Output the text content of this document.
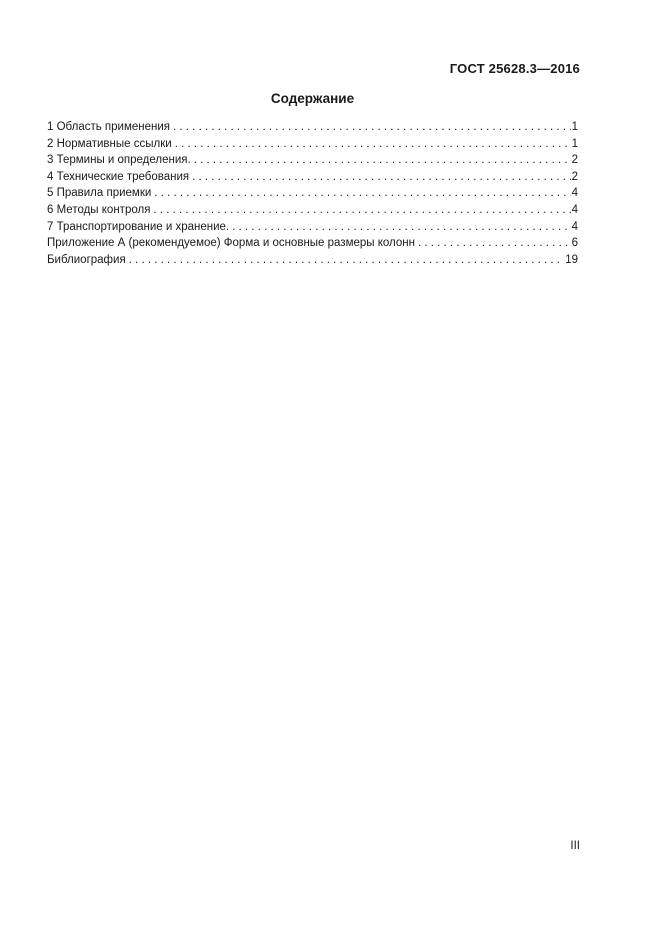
ГОСТ 25628.3—2016
Содержание
1 Область применения . . .	1
2 Нормативные ссылки . . .	1
3 Термины и определения. . . .	2
4 Технические требования . . .	2
5 Правила приемки . . .	4
6 Методы контроля . . .	4
7 Транспортирование и хранение. . . .	4
Приложение А (рекомендуемое) Форма и основные размеры колонн . . .	6
Библиография . . .	19
III
